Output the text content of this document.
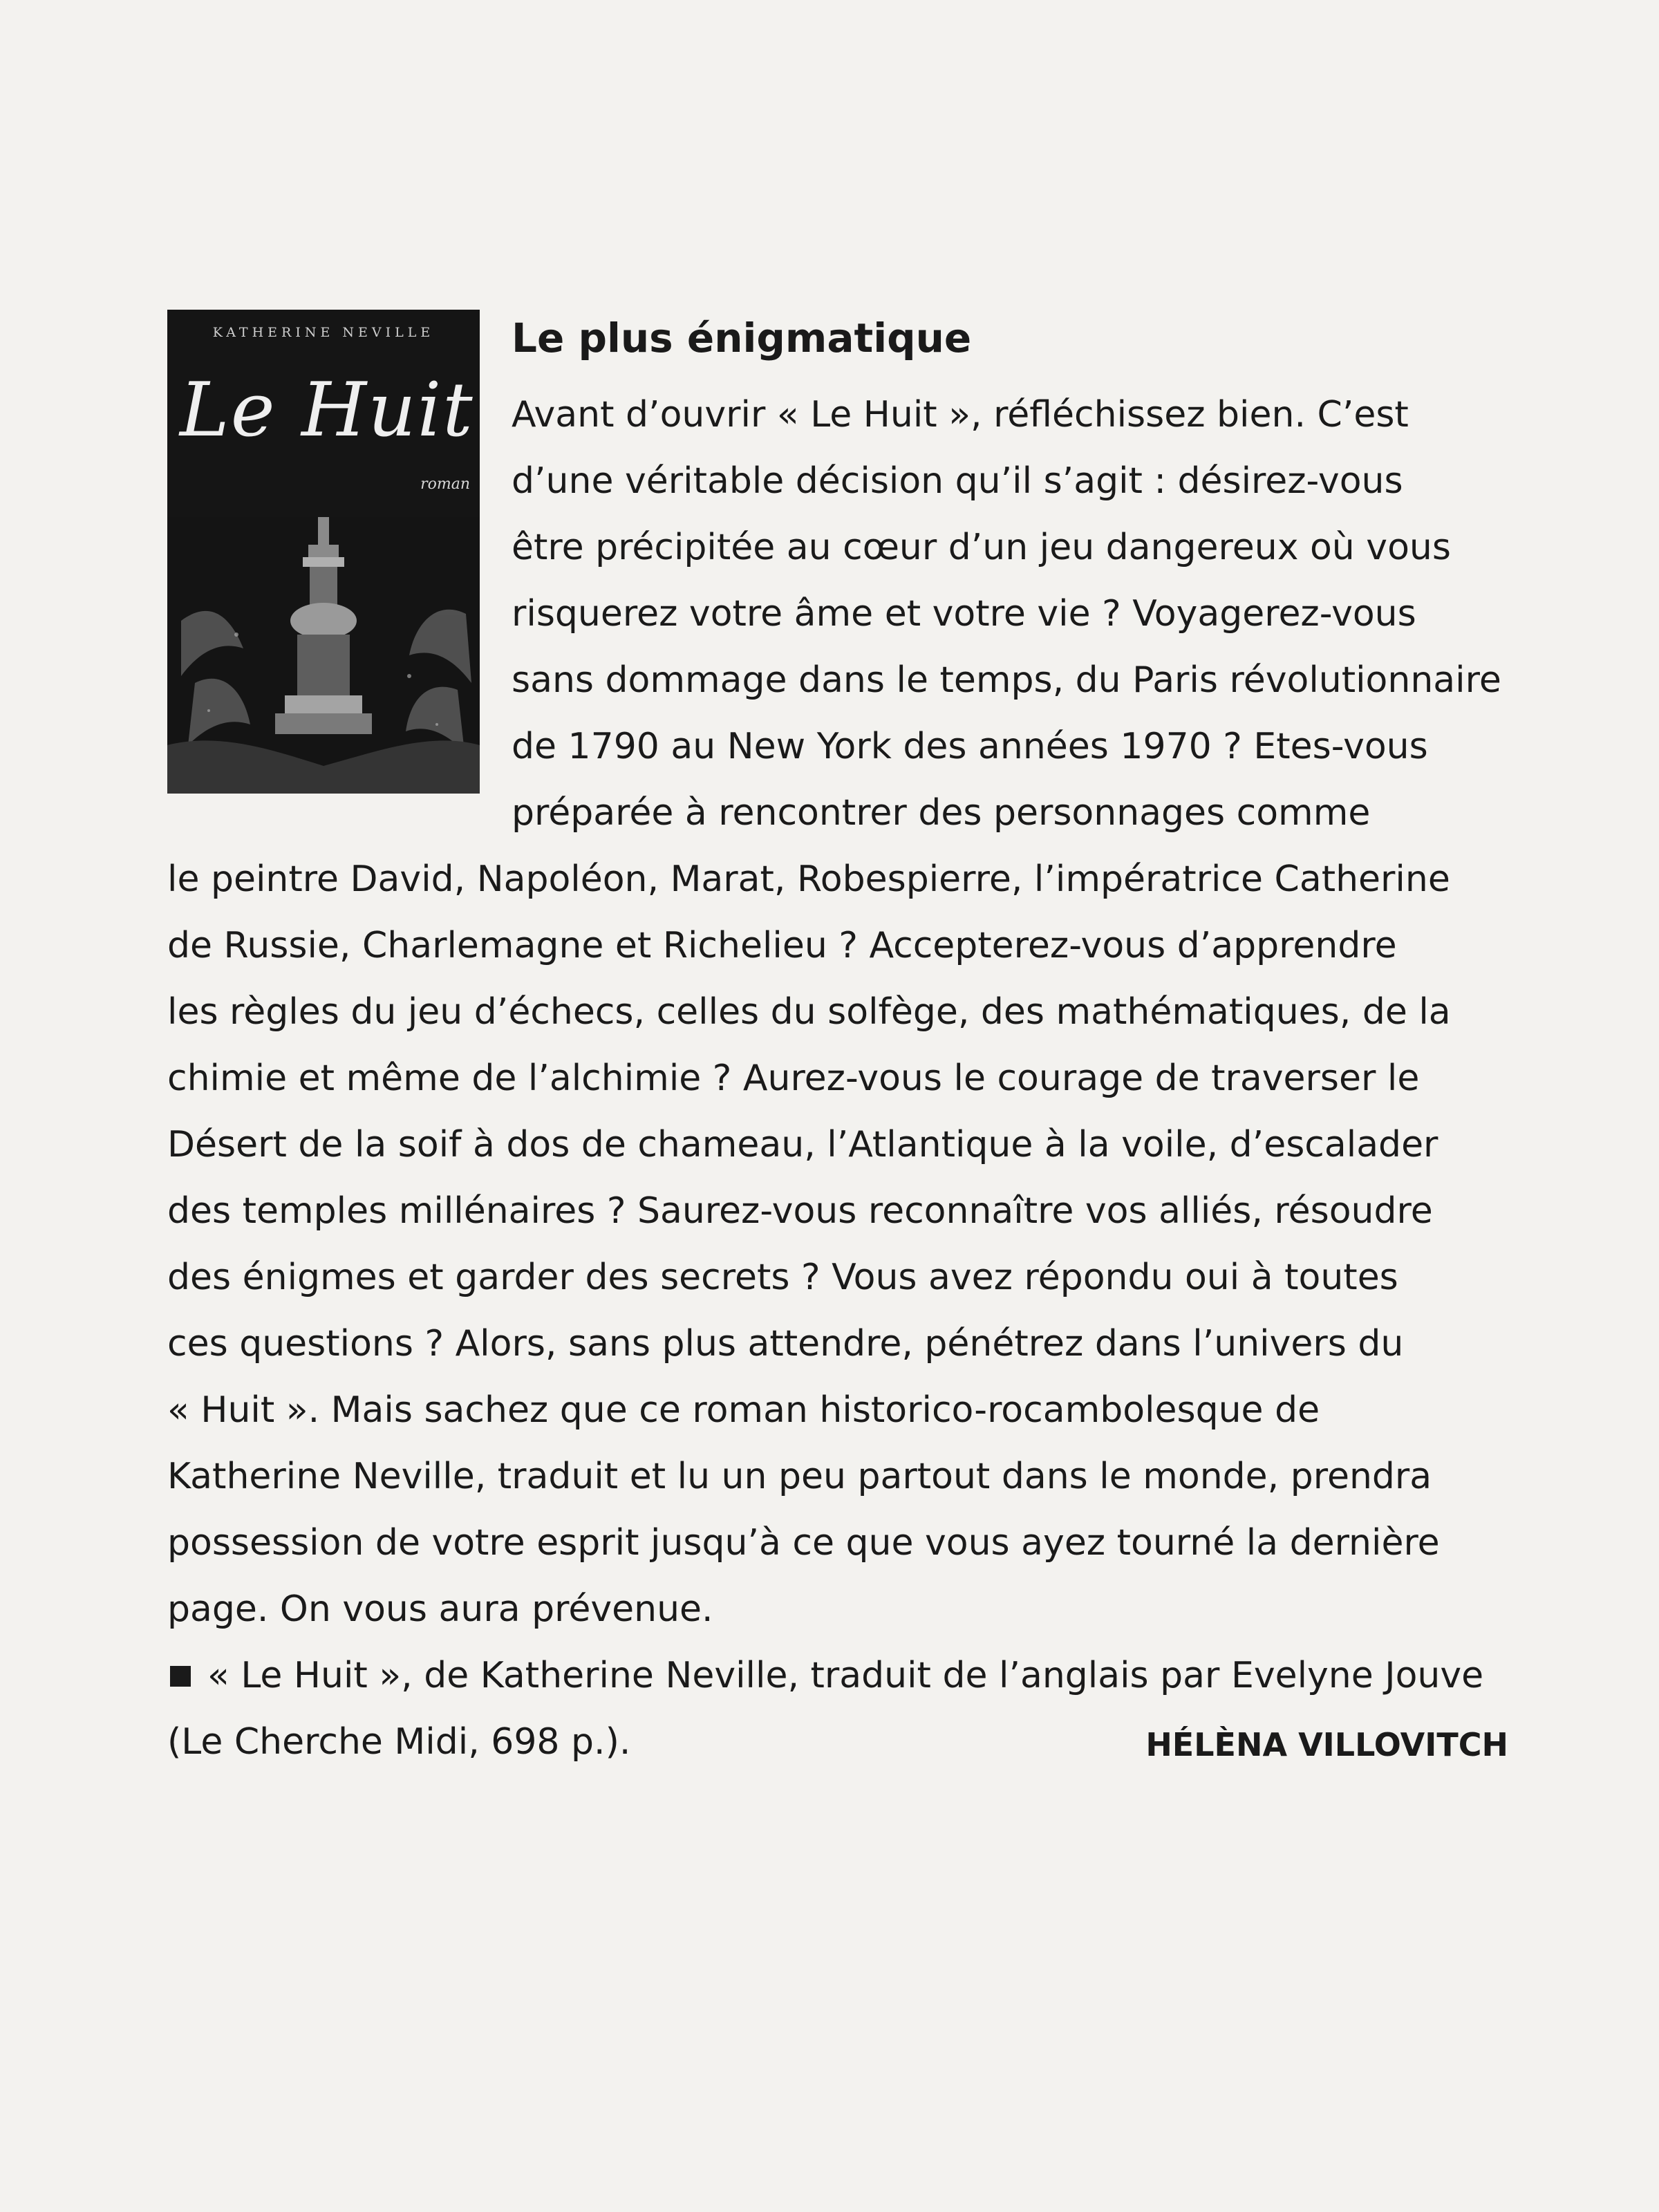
KATHERINE NEVILLE
Le Huit
roman
Le plus énigmatique

Avant d’ouvrir « Le Huit », réfléchissez bien. C’est

d’une véritable décision qu’il s’agit : désirez-vous

être précipitée au cœur d’un jeu dangereux où vous

risquerez votre âme et votre vie ? Voyagerez-vous

sans dommage dans le temps, du Paris révolutionnaire

de 1790 au New York des années 1970 ? Etes-vous

préparée à rencontrer des personnages comme

le peintre David, Napoléon, Marat, Robespierre, l’impératrice Catherine

de Russie, Charlemagne et Richelieu ? Accepterez-vous d’apprendre

les règles du jeu d’échecs, celles du solfège, des mathématiques, de la

chimie et même de l’alchimie ? Aurez-vous le courage de traverser le

Désert de la soif à dos de chameau, l’Atlantique à la voile, d’escalader

des temples millénaires ? Saurez-vous reconnaître vos alliés, résoudre

des énigmes et garder des secrets ? Vous avez répondu oui à toutes

ces questions ? Alors, sans plus attendre, pénétrez dans l’univers du

« Huit ». Mais sachez que ce roman historico-rocambolesque de

Katherine Neville, traduit et lu un peu partout dans le monde, prendra

possession de votre esprit jusqu’à ce que vous ayez tourné la dernière

page. On vous aura prévenue.

« Le Huit », de Katherine Neville, traduit de l’anglais par Evelyne Jouve

(Le Cherche Midi, 698 p.).	HÉLÈNA VILLOVITCH
